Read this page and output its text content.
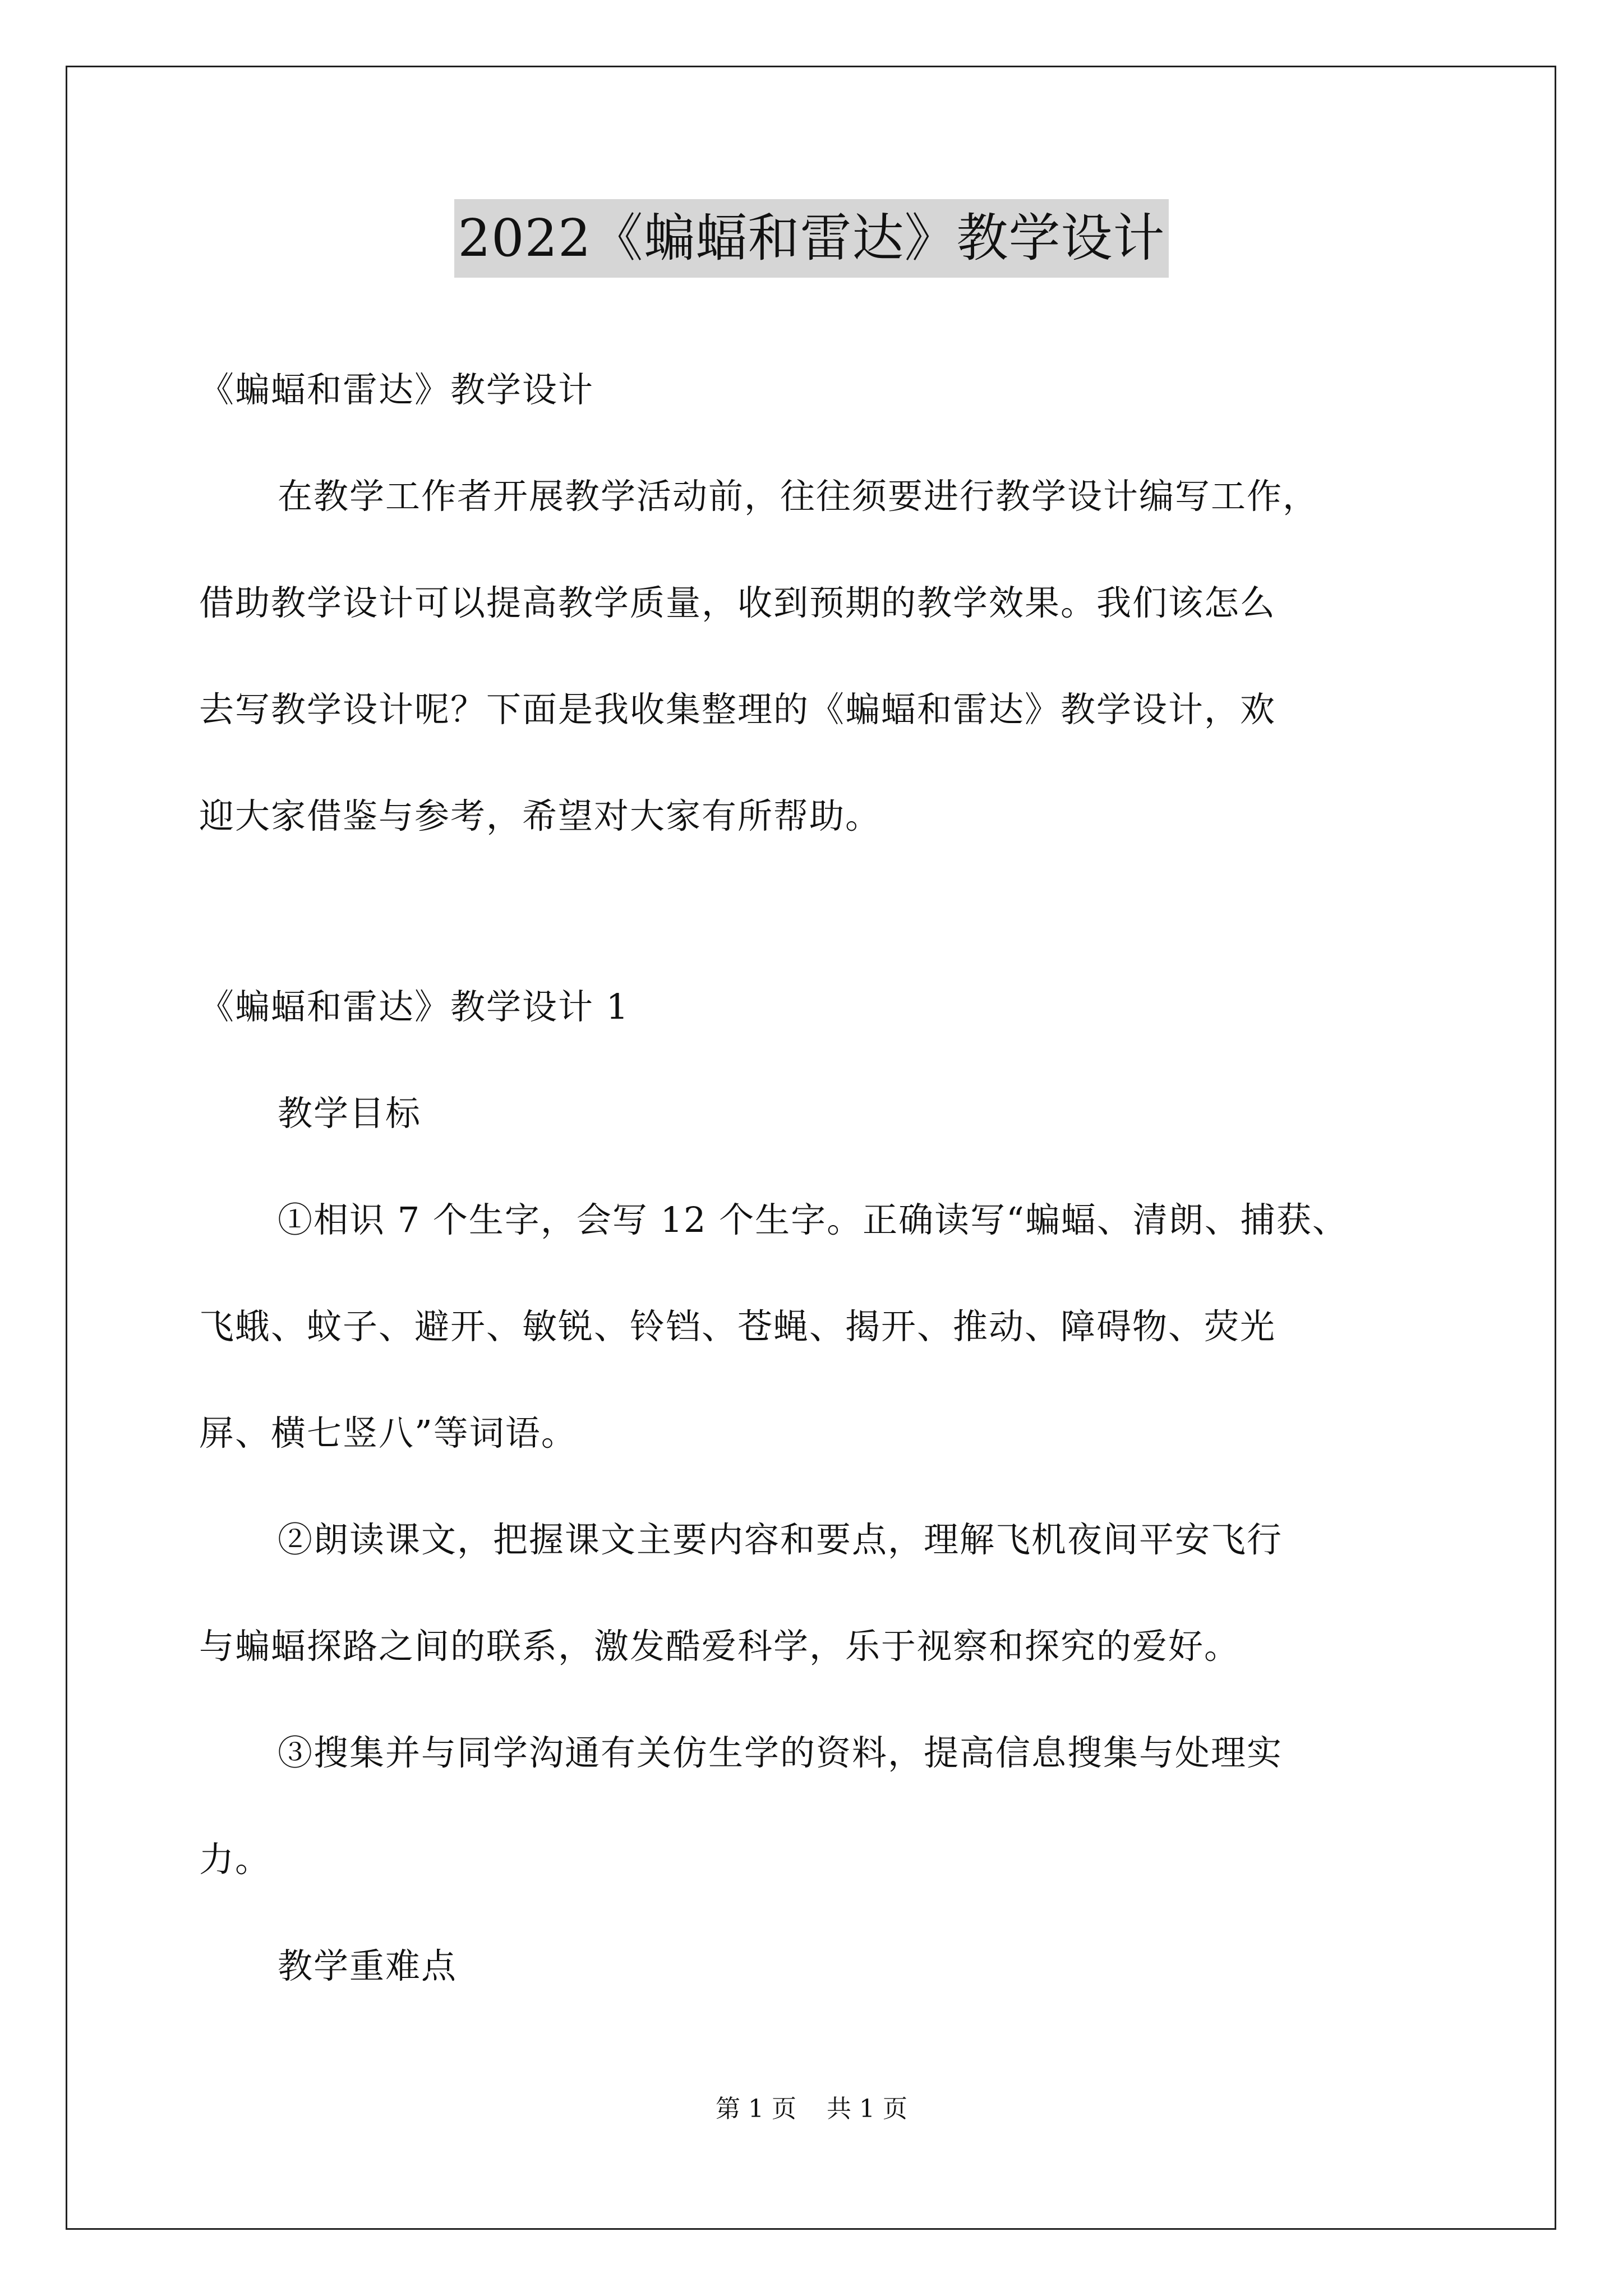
2022《蝙蝠和雷达》教学设计

《蝙蝠和雷达》教学设计

在教学工作者开展教学活动前，往往须要进行教学设计编写工作，

借助教学设计可以提高教学质量，收到预期的教学效果。我们该怎么

去写教学设计呢？下面是我收集整理的《蝙蝠和雷达》教学设计，欢

迎大家借鉴与参考，希望对大家有所帮助。

《蝙蝠和雷达》教学设计 1

教学目标

①相识 7 个生字，会写 12 个生字。正确读写“蝙蝠、清朗、捕获、

飞蛾、蚊子、避开、敏锐、铃铛、苍蝇、揭开、推动、障碍物、荧光

屏、横七竖八”等词语。

②朗读课文，把握课文主要内容和要点，理解飞机夜间平安飞行

与蝙蝠探路之间的联系，激发酷爱科学，乐于视察和探究的爱好。

③搜集并与同学沟通有关仿生学的资料，提高信息搜集与处理实

力。

教学重难点

第 1 页 共 1 页
